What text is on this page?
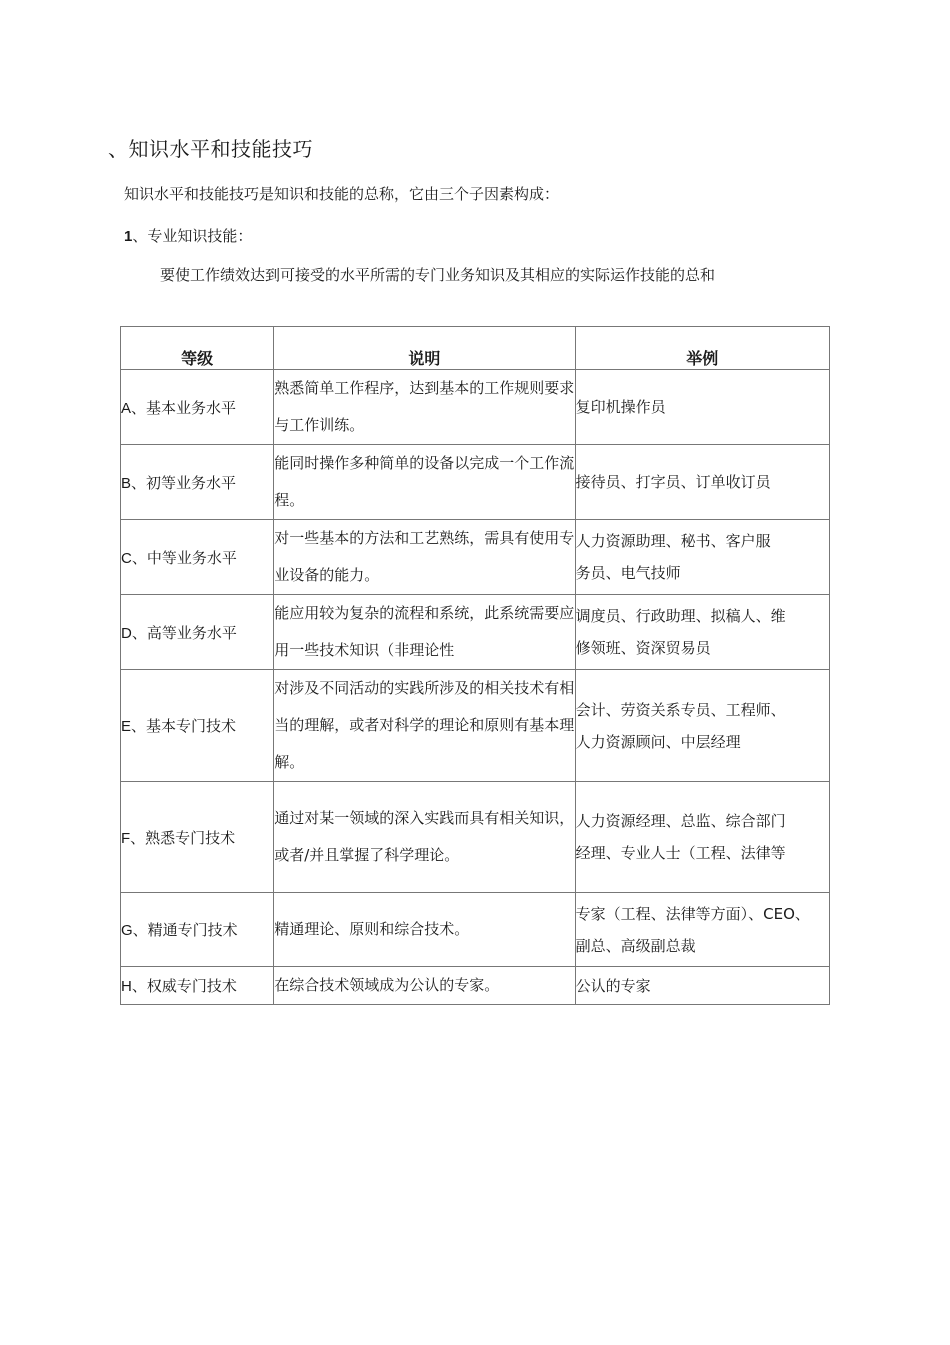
、知识水平和技能技巧
知识水平和技能技巧是知识和技能的总称，它由三个子因素构成：
1、专业知识技能：
要使工作绩效达到可接受的水平所需的专门业务知识及其相应的实际运作技能的总和
等级	说明	举例
A、基本业务水平	熟悉简单工作程序，达到基本的工作规则要求与工作训练。	复印机操作员

B、初等业务水平	能同时操作多种简单的设备以完成一个工作流程。	接待员、打字员、订单收订员

C、中等业务水平	对一些基本的方法和工艺熟练，需具有使用专业设备的能力。	人力资源助理、秘书、客户服
务员、电气技师

D、高等业务水平	能应用较为复杂的流程和系统，此系统需要应用一些技术知识（非理论性	调度员、行政助理、拟稿人、维
修领班、资深贸易员

E、基本专门技术	对涉及不同活动的实践所涉及的相关技术有相当的理解，或者对科学的理论和原则有基本理解。	会计、劳资关系专员、工程师、
人力资源顾问、中层经理

F、熟悉专门技术	通过对某一领域的深入实践而具有相关知识，或者/并且掌握了科学理论。	人力资源经理、总监、综合部门
经理、专业人士（工程、法律等

G、精通专门技术	精通理论、原则和综合技术。	专家（工程、法律等方面）、CEO、
副总、高级副总裁

H、权威专门技术	在综合技术领域成为公认的专家。	公认的专家
